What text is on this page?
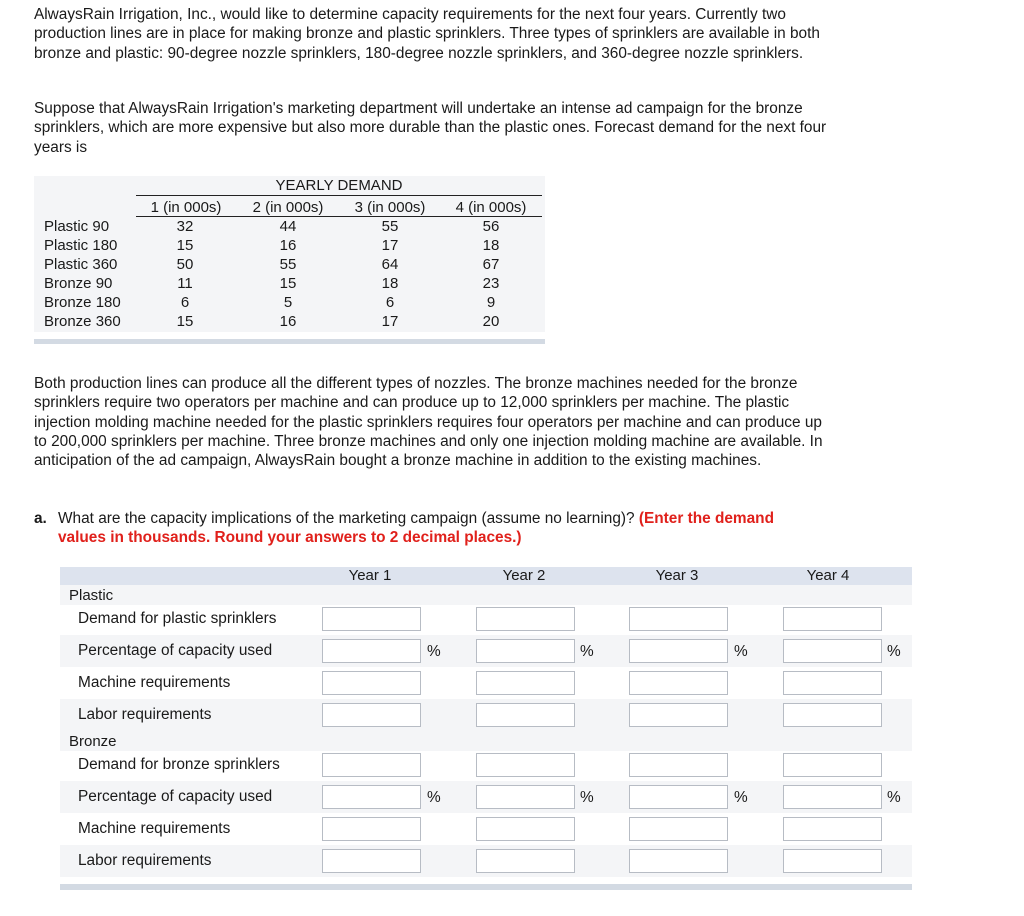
AlwaysRain Irrigation, Inc., would like to determine capacity requirements for the next four years. Currently two production lines are in place for making bronze and plastic sprinklers. Three types of sprinklers are available in both bronze and plastic: 90-degree nozzle sprinklers, 180-degree nozzle sprinklers, and 360-degree nozzle sprinklers.

Suppose that AlwaysRain Irrigation's marketing department will undertake an intense ad campaign for the bronze sprinklers, which are more expensive but also more durable than the plastic ones. Forecast demand for the next four years is

YEARLY DEMAND
1 (in 000s)	2 (in 000s)	3 (in 000s)	4 (in 000s)
Plastic 90	32	44	55	56
Plastic 180	15	16	17	18
Plastic 360	50	55	64	67
Bronze 90	11	15	18	23
Bronze 180	6	5	6	9
Bronze 360	15	16	17	20

Both production lines can produce all the different types of nozzles. The bronze machines needed for the bronze sprinklers require two operators per machine and can produce up to 12,000 sprinklers per machine. The plastic injection molding machine needed for the plastic sprinklers requires four operators per machine and can produce up to 200,000 sprinklers per machine. Three bronze machines and only one injection molding machine are available. In anticipation of the ad campaign, AlwaysRain bought a bronze machine in addition to the existing machines.

a. What are the capacity implications of the marketing campaign (assume no learning)? (Enter the demand values in thousands. Round your answers to 2 decimal places.)
Year 1	Year 2	Year 3	Year 4
Plastic
Demand for plastic sprinklers
Percentage of capacity used	%	%	%	%
Machine requirements
Labor requirements
Bronze
Demand for bronze sprinklers
Percentage of capacity used	%	%	%	%
Machine requirements
Labor requirements
